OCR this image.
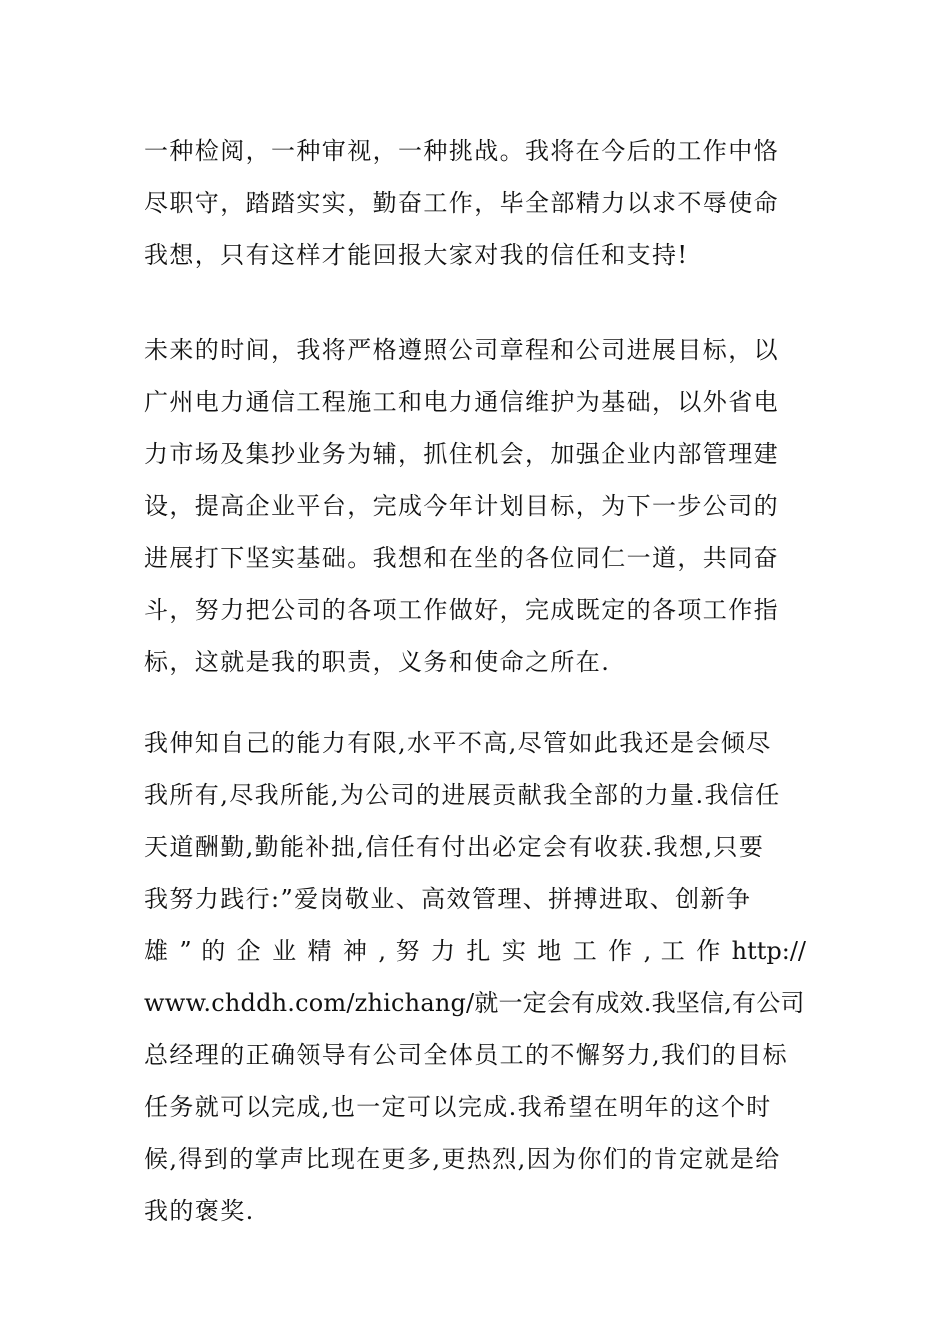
一种检阅，一种审视，一种挑战。我将在今后的工作中恪
尽职守，踏踏实实，勤奋工作，毕全部精力以求不辱使命
我想，只有这样才能回报大家对我的信任和支持!
未来的时间，我将严格遵照公司章程和公司进展目标，以
广州电力通信工程施工和电力通信维护为基础，以外省电
力市场及集抄业务为辅，抓住机会，加强企业内部管理建
设，提高企业平台，完成今年计划目标，为下一步公司的
进展打下坚实基础。我想和在坐的各位同仁一道，共同奋
斗，努力把公司的各项工作做好，完成既定的各项工作指
标，这就是我的职责，义务和使命之所在.
我伸知自己的能力有限,水平不高,尽管如此我还是会倾尽
我所有,尽我所能,为公司的进展贡献我全部的力量.我信任
天道酬勤,勤能补拙,信任有付出必定会有收获.我想,只要
我努力践行:”爱岗敬业、高效管理、拼搏进取、创新争
雄 ” 的 企 业 精 神 , 努 力 扎 实 地 工 作 , 工 作 http://
www.chddh.com/zhichang/就一定会有成效.我坚信,有公司
总经理的正确领导有公司全体员工的不懈努力,我们的目标
任务就可以完成,也一定可以完成.我希望在明年的这个时
候,得到的掌声比现在更多,更热烈,因为你们的肯定就是给
我的褒奖.
